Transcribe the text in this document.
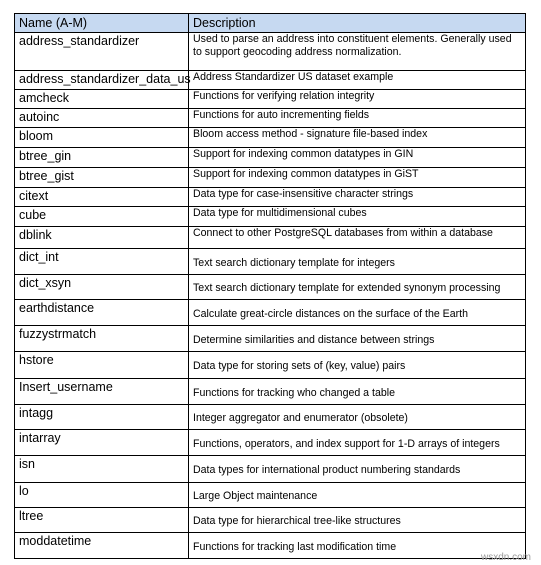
Name (A-M)	Description
address_standardizer	Used to parse an address into constituent elements. Generally used to support geocoding address normalization.
address_standardizer_data_us	Address Standardizer US dataset example
amcheck	Functions for verifying relation integrity
autoinc	Functions for auto incrementing fields
bloom	Bloom access method - signature file-based index
btree_gin	Support for indexing common datatypes in GIN
btree_gist	Support for indexing common datatypes in GiST
citext	Data type for case-insensitive character strings
cube	Data type for multidimensional cubes
dblink	Connect to other PostgreSQL databases from within a database
dict_int	Text search dictionary template for integers
dict_xsyn	Text search dictionary template for extended synonym processing
earthdistance	Calculate great-circle distances on the surface of the Earth
fuzzystrmatch	Determine similarities and distance between strings
hstore	Data type for storing sets of (key, value) pairs
Insert_username	Functions for tracking who changed a table
intagg	Integer aggregator and enumerator (obsolete)
intarray	Functions, operators, and index support for 1-D arrays of integers
isn	Data types for international product numbering standards
lo	Large Object maintenance
ltree	Data type for hierarchical tree-like structures
moddatetime	Functions for tracking last modification time
wsxdn.com
